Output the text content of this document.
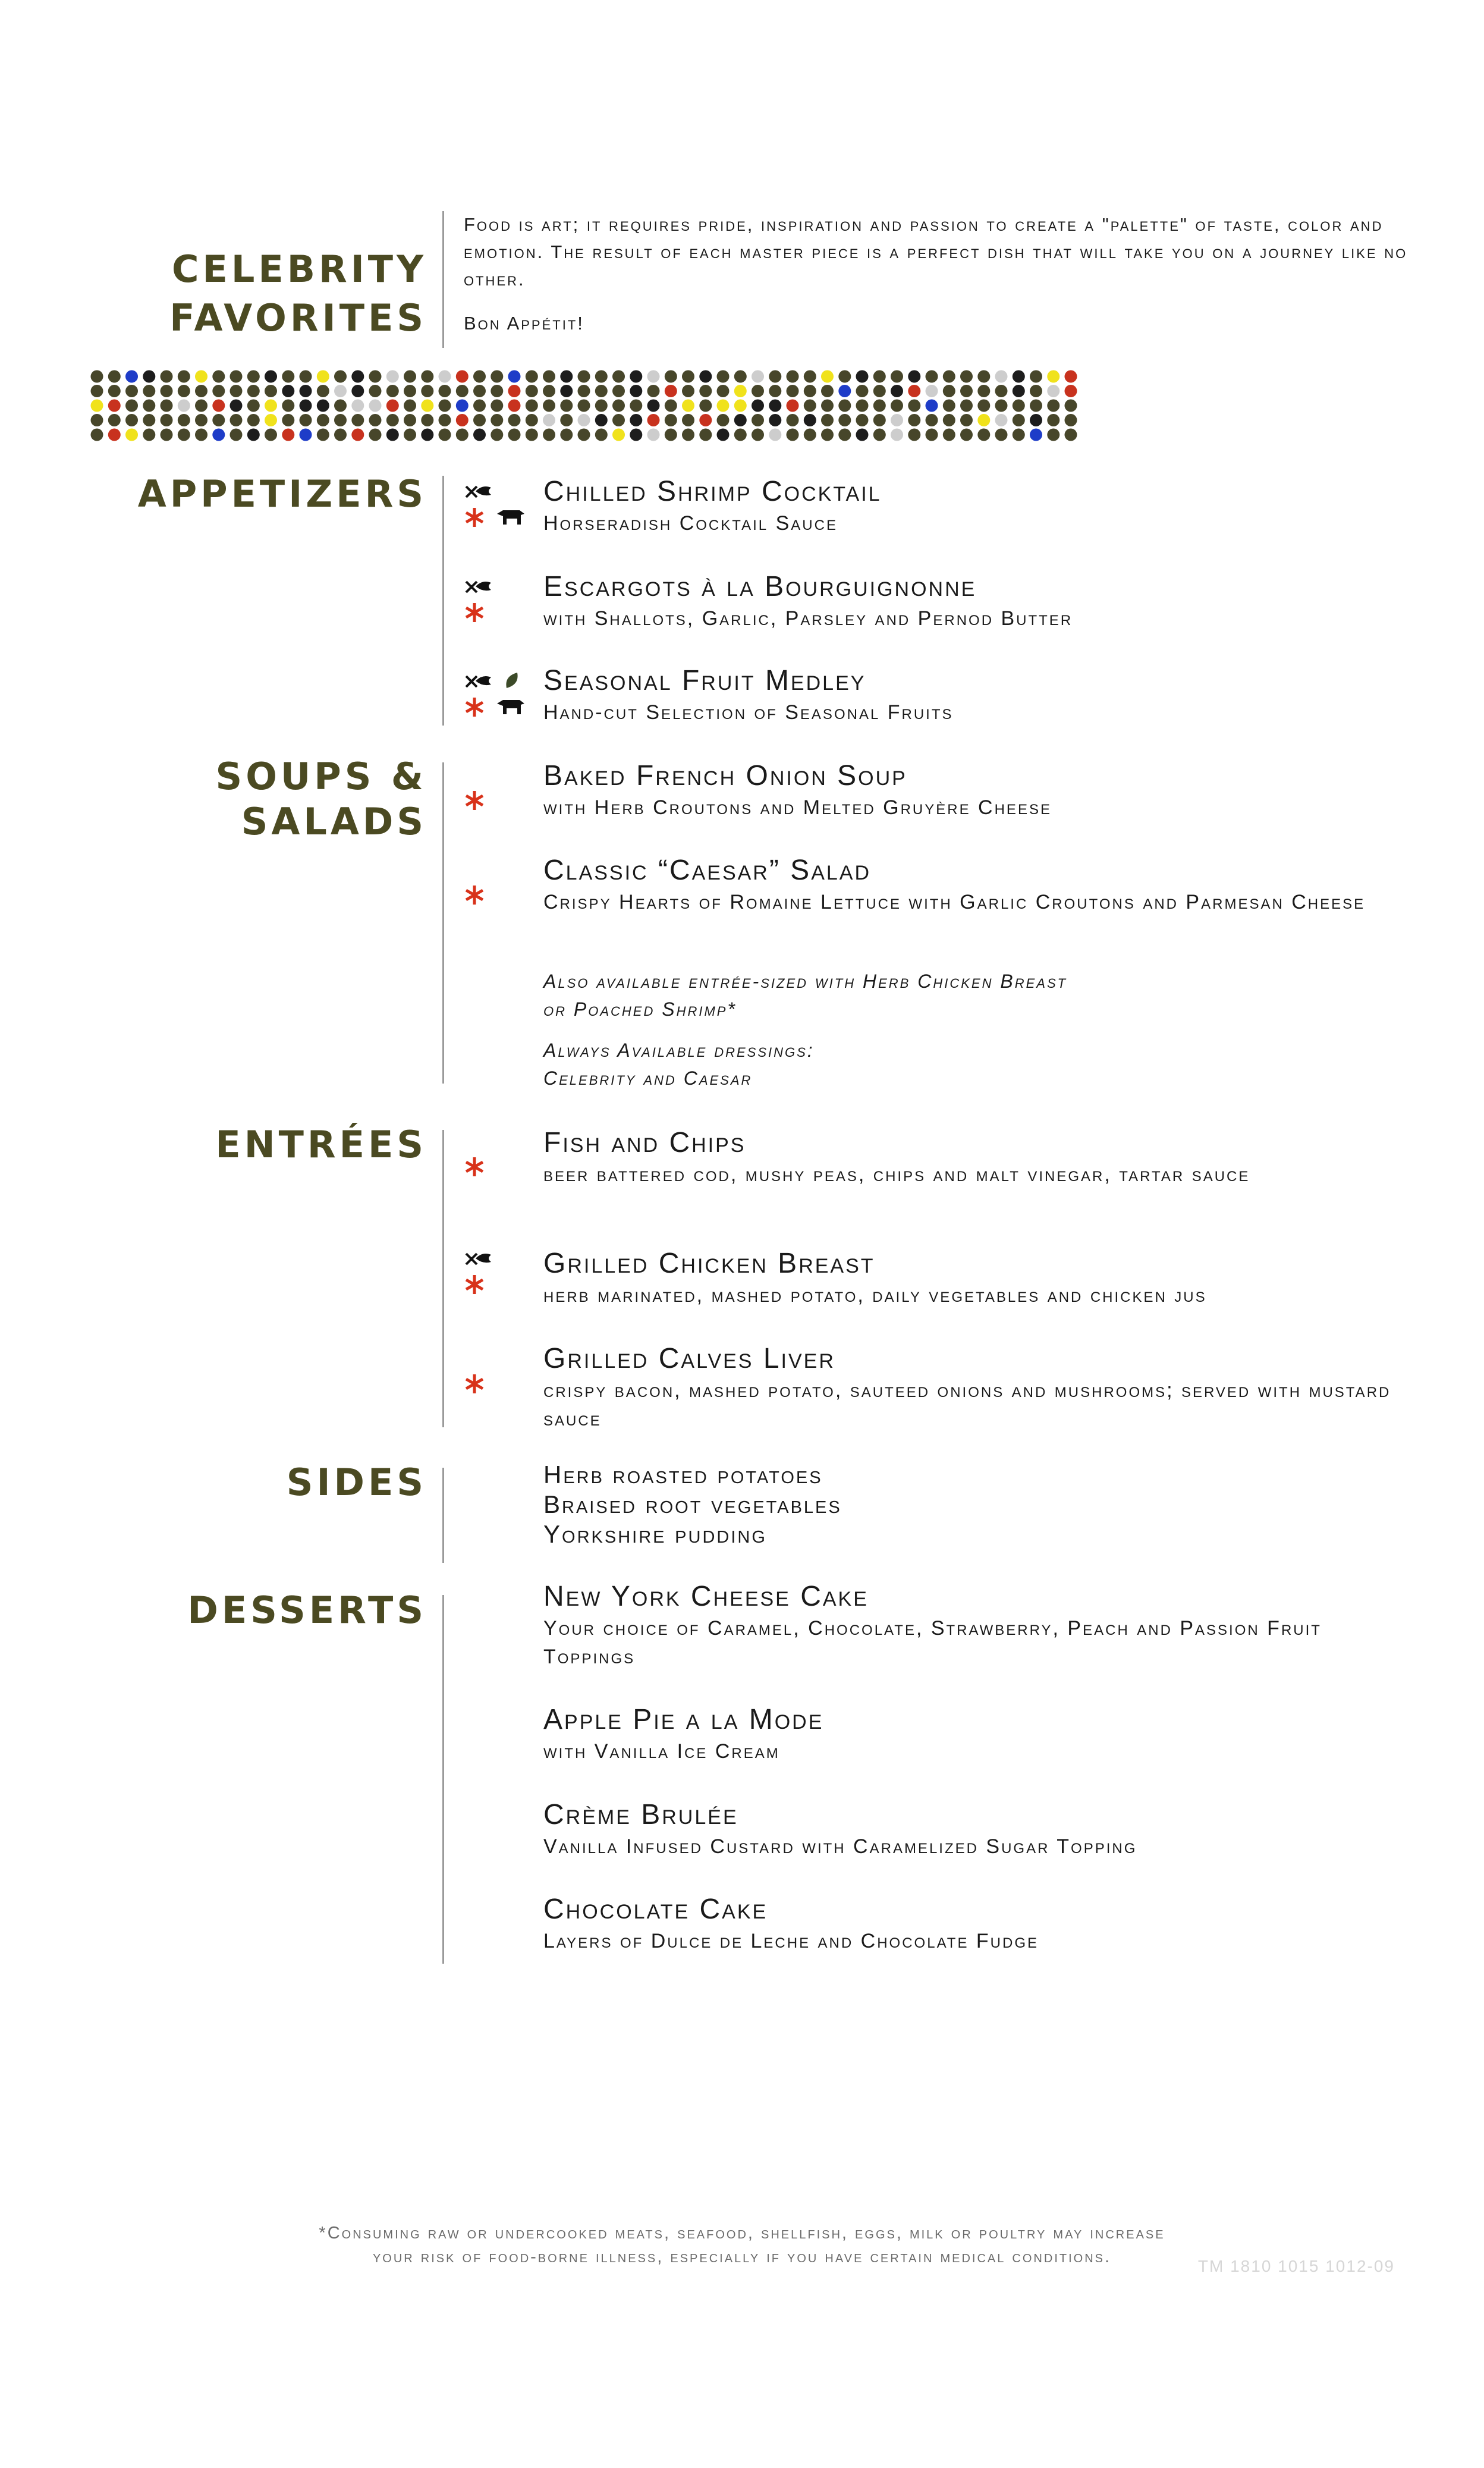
CELEBRITY
FAVORITES
Food is art; it requires pride, inspiration and passion to create a "palette" of taste, color and emotion. The result of each master piece is a perfect dish that will take you on a journey like no other.
Bon Appétit!
APPETIZERS	Chilled Shrimp Cocktail
Horseradish Cocktail Sauce
Escargots à la Bourguignonne
with Shallots, Garlic, Parsley and Pernod Butter
Seasonal Fruit Medley
Hand-cut Selection of Seasonal Fruits
SOUPS &
SALADS
Baked French Onion Soup
with Herb Croutons and Melted Gruyère Cheese
Classic “Caesar” Salad
Crispy Hearts of Romaine Lettuce with Garlic Croutons and Parmesan Cheese
Also available entrée-sized with Herb Chicken Breast
or Poached Shrimp*
Always Available dressings:
Celebrity and Caesar
ENTRÉES	Fish and Chips
beer battered cod, mushy peas, chips and malt vinegar, tartar sauce
Grilled Chicken Breast
herb marinated, mashed potato, daily vegetables and chicken jus
Grilled Calves Liver
crispy bacon, mashed potato, sauteed onions and mushrooms; served with mustard sauce
SIDES	Herb roasted potatoes
Braised root vegetables
Yorkshire pudding
DESSERTS	New York Cheese Cake
Your choice of Caramel, Chocolate, Strawberry, Peach and Passion Fruit Toppings
Apple Pie a la Mode
with Vanilla Ice Cream
Crème Brulée
Vanilla Infused Custard with Caramelized Sugar Topping
Chocolate Cake
Layers of Dulce de Leche and Chocolate Fudge
*Consuming raw or undercooked meats, seafood, shellfish, eggs, milk or poultry may increase
your risk of food-borne illness, especially if you have certain medical conditions.	TM 1810 1015 1012-09
